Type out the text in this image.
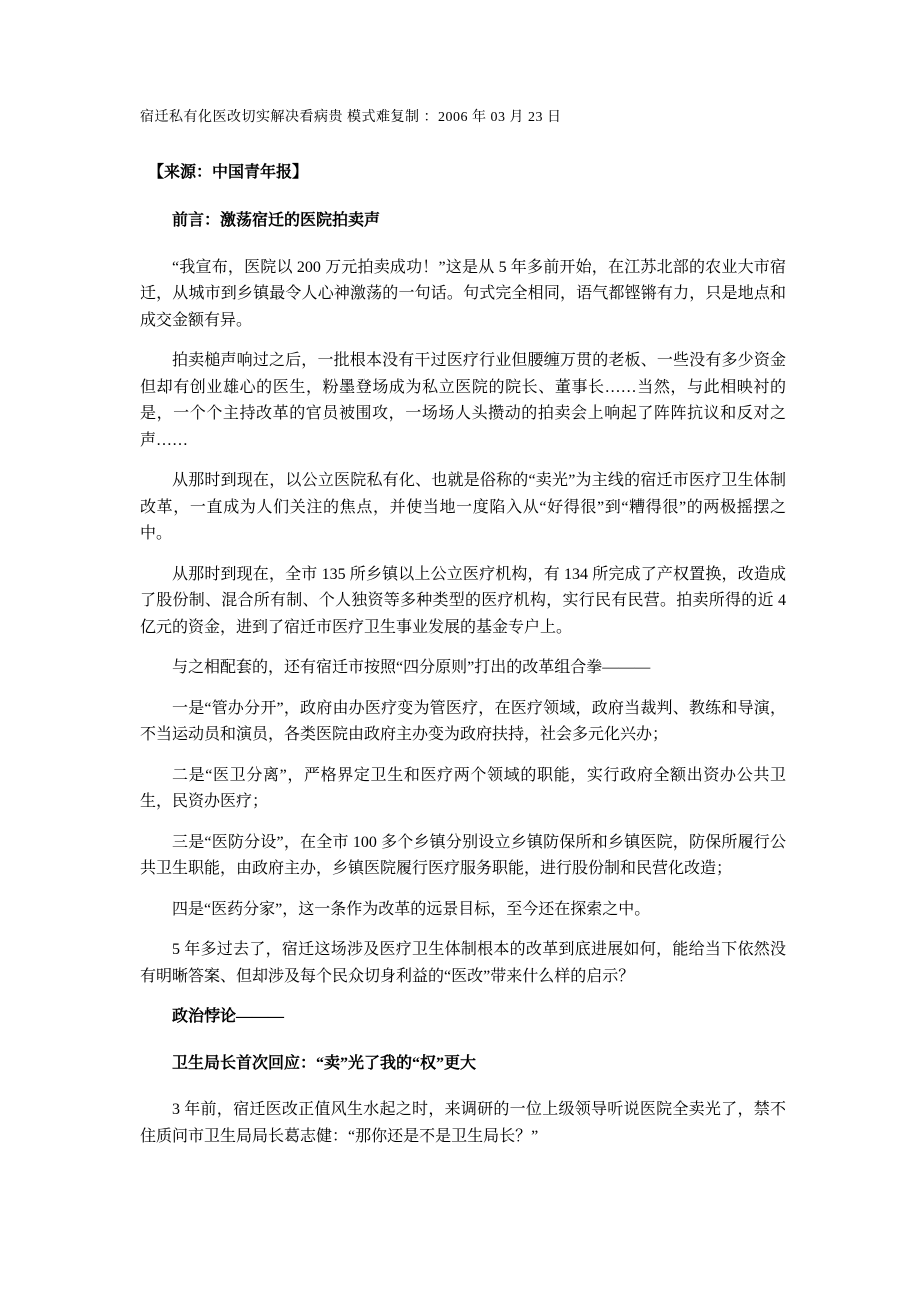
宿迁私有化医改切实解决看病贵 模式难复制 ：2006 年 03 月 23 日
【来源：中国青年报】
前言：激荡宿迁的医院拍卖声

“我宣布，医院以 200 万元拍卖成功！”这是从 5 年多前开始，在江苏北部的农业大市宿迁，从城市到乡镇最令人心神激荡的一句话。句式完全相同，语气都铿锵有力，只是地点和成交金额有异。

拍卖槌声响过之后，一批根本没有干过医疗行业但腰缠万贯的老板、一些没有多少资金但却有创业雄心的医生，粉墨登场成为私立医院的院长、董事长……当然，与此相映衬的是，一个个主持改革的官员被围攻，一场场人头攒动的拍卖会上响起了阵阵抗议和反对之声……

从那时到现在，以公立医院私有化、也就是俗称的“卖光”为主线的宿迁市医疗卫生体制改革，一直成为人们关注的焦点，并使当地一度陷入从“好得很”到“糟得很”的两极摇摆之中。

从那时到现在，全市 135 所乡镇以上公立医疗机构，有 134 所完成了产权置换，改造成了股份制、混合所有制、个人独资等多种类型的医疗机构，实行民有民营。拍卖所得的近 4 亿元的资金，进到了宿迁市医疗卫生事业发展的基金专户上。

与之相配套的，还有宿迁市按照“四分原则”打出的改革组合拳———

一是“管办分开”，政府由办医疗变为管医疗，在医疗领域，政府当裁判、教练和导演，不当运动员和演员，各类医院由政府主办变为政府扶持，社会多元化兴办；

二是“医卫分离”，严格界定卫生和医疗两个领域的职能，实行政府全额出资办公共卫生，民资办医疗；

三是“医防分设”，在全市 100 多个乡镇分别设立乡镇防保所和乡镇医院，防保所履行公共卫生职能，由政府主办，乡镇医院履行医疗服务职能，进行股份制和民营化改造；

四是“医药分家”，这一条作为改革的远景目标，至今还在探索之中。

5 年多过去了，宿迁这场涉及医疗卫生体制根本的改革到底进展如何，能给当下依然没有明晰答案、但却涉及每个民众切身利益的“医改”带来什么样的启示？

政治悖论———
卫生局长首次回应：“卖”光了我的“权”更大

3 年前，宿迁医改正值风生水起之时，来调研的一位上级领导听说医院全卖光了，禁不住质问市卫生局局长葛志健：“那你还是不是卫生局长？”
